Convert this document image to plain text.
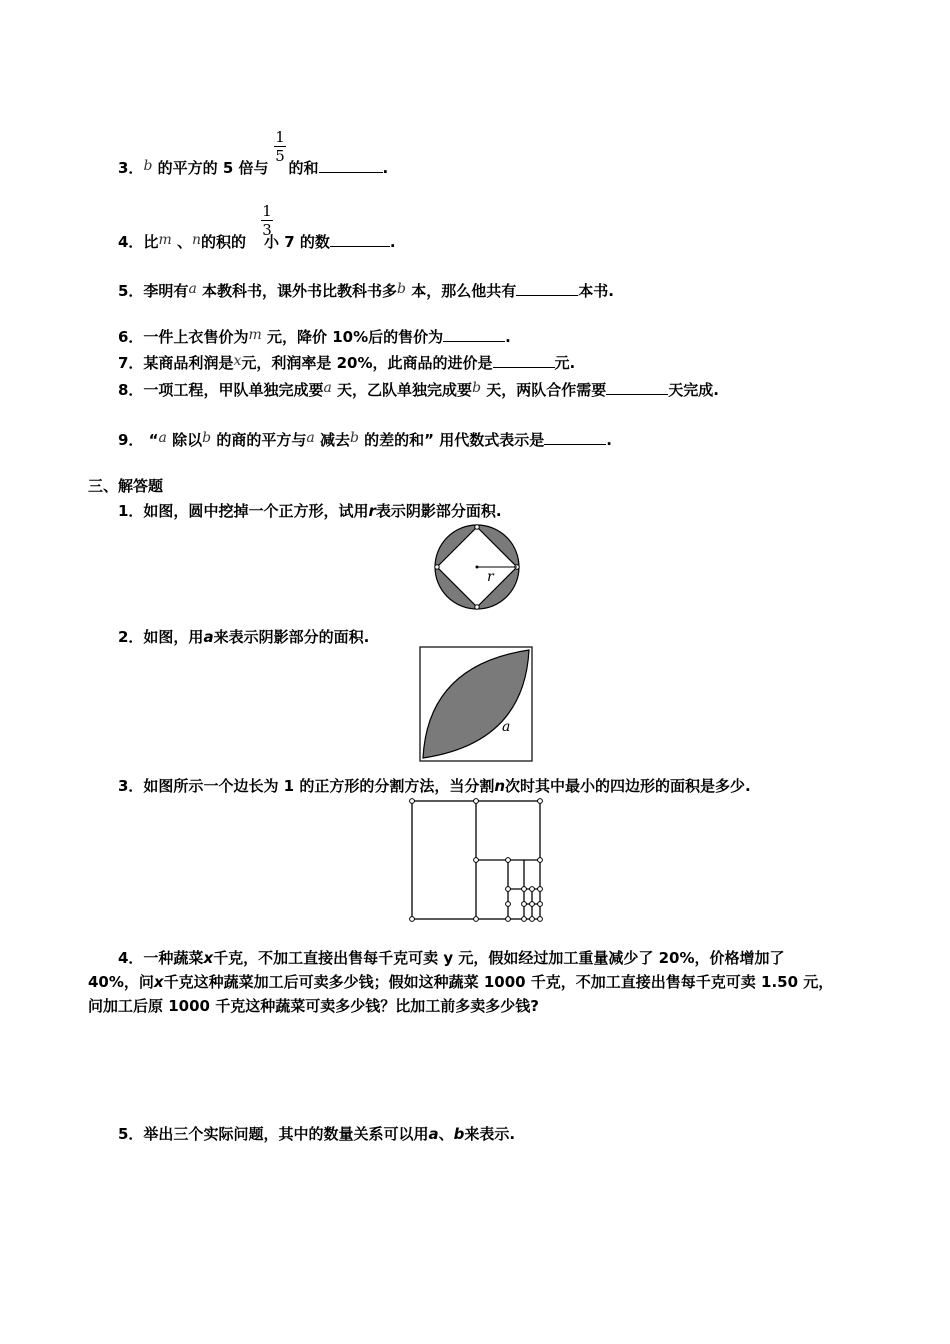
3．b 的平方的 5 倍与 的和	.
1
5
4．比m 、n的积的 小 7 的数	.
1
3
5．李明有a 本教科书，课外书比教科书多b 本，那么他共有	本书.
6．一件上衣售价为m 元，降价 10%后的售价为	.
7．某商品利润是x元，利润率是 20%，此商品的进价是	元.
8．一项工程，甲队单独完成要a 天，乙队单独完成要b 天，两队合作需要	天完成.
9． “a 除以b 的商的平方与a 减去b 的差的和” 用代数式表示是	.
三、解答题
1．如图，圆中挖掉一个正方形，试用r表示阴影部分面积.
r
2．如图，用a来表示阴影部分的面积.
a
a
3．如图所示一个边长为 1 的正方形的分割方法，当分割n次时其中最小的四边形的面积是多少.
4．一种蔬菜x千克，不加工直接出售每千克可卖 y 元，假如经过加工重量减少了 20%，价格增加了
40%，问x千克这种蔬菜加工后可卖多少钱；假如这种蔬菜 1000 千克，不加工直接出售每千克可卖 1.50 元，
问加工后原 1000 千克这种蔬菜可卖多少钱？比加工前多卖多少钱?
5．举出三个实际问题，其中的数量关系可以用a、b来表示.
